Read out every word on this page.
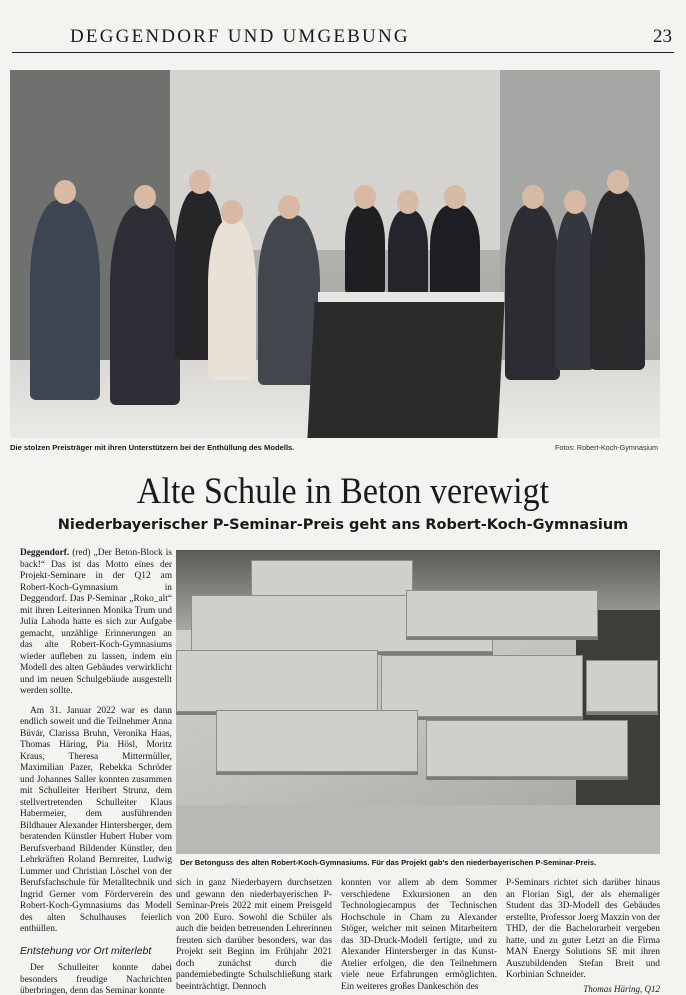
DEGGENDORF UND UMGEBUNG	23
Die stolzen Preisträger mit ihren Unterstützern bei der Enthüllung des Modells.	Fotos: Robert-Koch-Gymnasium
Alte Schule in Beton verewigt
Niederbayerischer P-Seminar-Preis geht ans Robert-Koch-Gymnasium

Deggendorf. (red) „Der Beton-Block is back!“ Das ist das Motto eines der Projekt-Seminare in der Q12 am Robert-Koch-Gymnasium in Deggendorf. Das P-Seminar „Roko_alt“ mit ihren Leiterinnen Monika Trum und Julia Lahoda hatte es sich zur Aufgabe gemacht, unzählige Erinnerungen an das alte Robert-Koch-Gymnasiums wieder aufleben zu lassen, indem ein Modell des alten Gebäudes verwirklicht und im neuen Schulgebäude ausgestellt werden sollte.

Am 31. Januar 2022 war es dann endlich soweit und die Teilnehmer Anna Büvár, Clarissa Bruhn, Veronika Haas, Thomas Häring, Pia Hösl, Moritz Kraus, Theresa Mittermüller, Maximilian Pazer, Rebekka Schröder und Johannes Saller konnten zusammen mit Schulleiter Heribert Strunz, dem stellvertretenden Schulleiter Klaus Habermeier, dem ausführenden Bildhauer Alexander Hintersberger, dem beratenden Künstler Hubert Huber vom Berufsverband Bildender Künstler, den Lehrkräften Roland Bernreiter, Ludwig Lummer und Christian Löschel von der Berufsfachschule für Metalltechnik und Ingrid Gerner vom Förderverein des Robert-Koch-Gymnasiums das Modell des alten Schulhauses feierlich enthüllen.

Entstehung vor Ort miterlebt

Der Schulleiter konnte dabei besonders freudige Nachrichten überbringen, denn das Seminar konnte

Der Betonguss des alten Robert-Koch-Gymnasiums. Für das Projekt gab's den niederbayerischen P-Seminar-Preis.

sich in ganz Niederbayern durchsetzen und gewann den niederbayerischen P-Seminar-Preis 2022 mit einem Preisgeld von 200 Euro. Sowohl die Schüler als auch die beiden betreuenden Lehrerinnen freuten sich darüber besonders, war das Projekt seit Beginn im Frühjahr 2021 doch zunächst durch die pandemiebedingte Schulschließung stark beeinträchtigt. Dennoch

konnten vor allem ab dem Sommer verschiedene Exkursionen an den Technologiecampus der Technischen Hochschule in Cham zu Alexander Stöger, welcher mit seinen Mitarbeitern das 3D-Druck-Modell fertigte, und zu Alexander Hintersberger in das Kunst-Atelier erfolgen, die den Teilnehmern viele neue Erfahrungen ermöglichten. Ein weiteres großes Dankeschön des

P-Seminars richtet sich darüber hinaus an Florian Sigl, der als ehemaliger Student das 3D-Modell des Gebäudes erstellte, Professor Joerg Maxzin von der THD, der die Bachelorarbeit vergeben hatte, und zu guter Letzt an die Firma MAN Energy Solutions SE mit ihren Auszubildenden Stefan Breit und Korbinian Schneider.

Thomas Häring, Q12
